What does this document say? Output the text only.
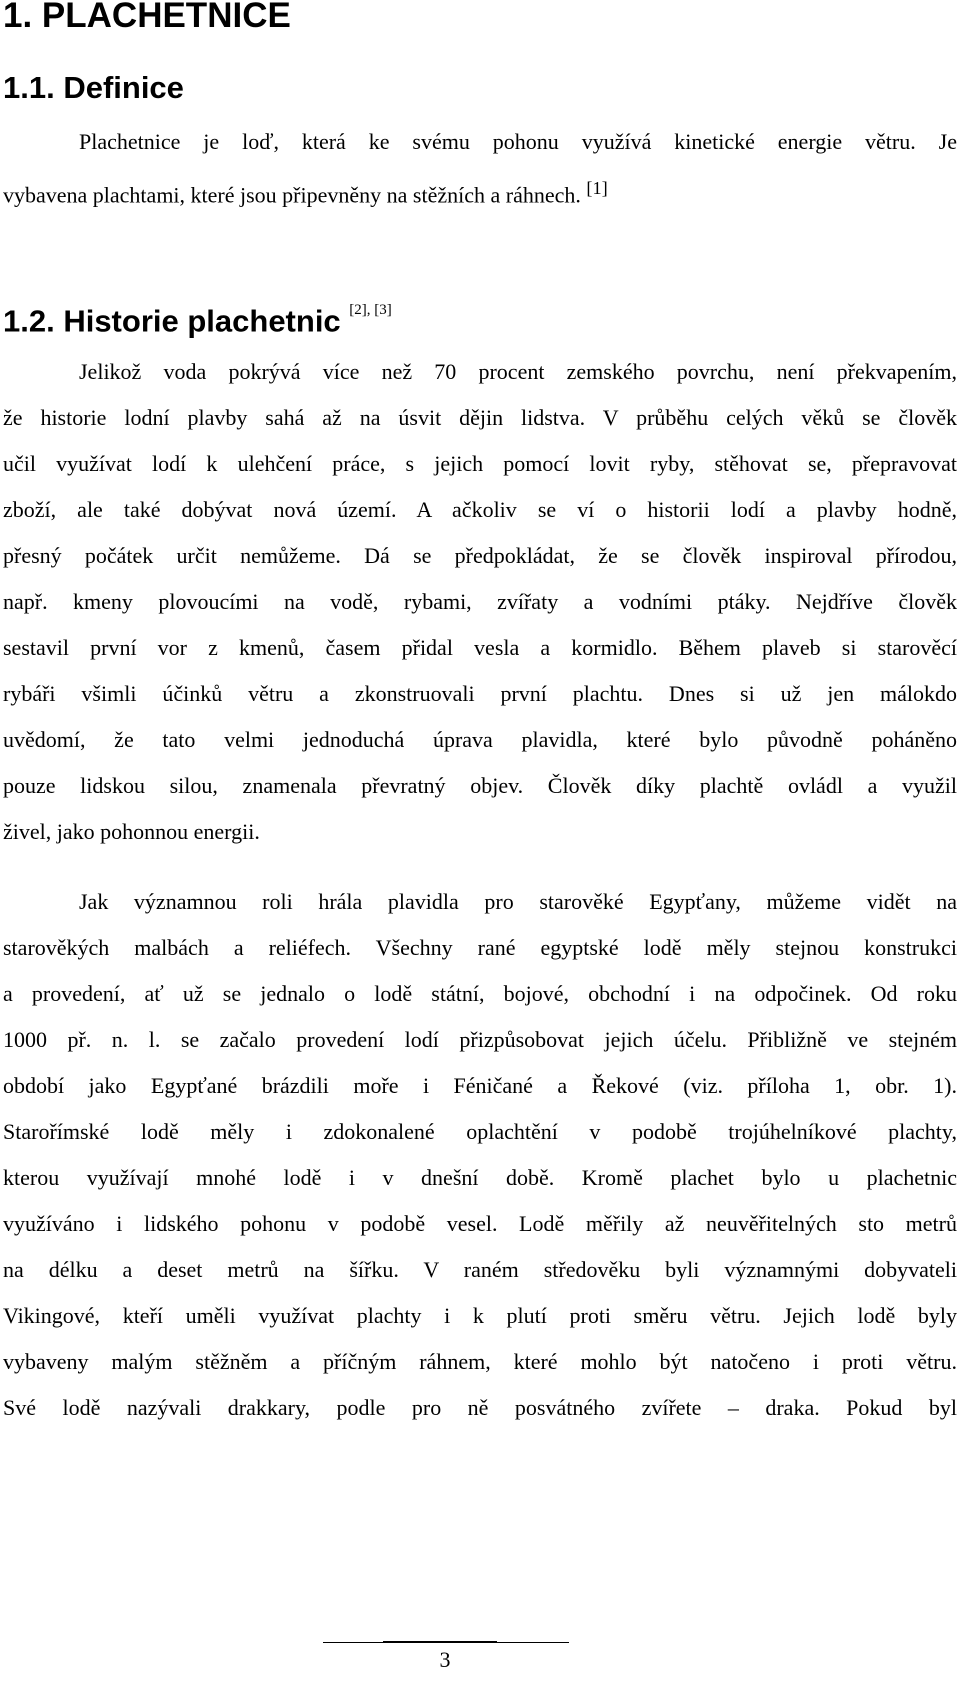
1. PLACHETNICE
1.1. Definice
Plachetnice je loď, která ke svému pohonu využívá kinetické energie větru. Je
vybavena plachtami, které jsou připevněny na stěžních a ráhnech. [1]
1.2. Historie plachetnic [2], [3]
Jelikož voda pokrývá více než 70 procent zemského povrchu, není překvapením,
že historie lodní plavby sahá až na úsvit dějin lidstva. V průběhu celých věků se člověk
učil využívat lodí k ulehčení práce, s jejich pomocí lovit ryby, stěhovat se, přepravovat
zboží, ale také dobývat nová území. A ačkoliv se ví o historii lodí a plavby hodně,
přesný počátek určit nemůžeme. Dá se předpokládat, že se člověk inspiroval přírodou,
např. kmeny plovoucími na vodě, rybami, zvířaty a vodními ptáky. Nejdříve člověk
sestavil první vor z kmenů, časem přidal vesla a kormidlo. Během plaveb si starověcí
rybáři všimli účinků větru a zkonstruovali první plachtu. Dnes si už jen málokdo
uvědomí, že tato velmi jednoduchá úprava plavidla, které bylo původně poháněno
pouze lidskou silou, znamenala převratný objev. Člověk díky plachtě ovládl a využil
živel, jako pohonnou energii.
Jak významnou roli hrála plavidla pro starověké Egypťany, můžeme vidět na
starověkých malbách a reliéfech. Všechny rané egyptské lodě měly stejnou konstrukci
a provedení, ať už se jednalo o lodě státní, bojové, obchodní i na odpočinek. Od roku
1000 př. n. l. se začalo provedení lodí přizpůsobovat jejich účelu. Přibližně ve stejném
období jako Egypťané brázdili moře i Féničané a Řekové (viz. příloha 1, obr. 1).
Starořímské lodě měly i zdokonalené oplachtění v podobě trojúhelníkové plachty,
kterou využívají mnohé lodě i v dnešní době. Kromě plachet bylo u plachetnic
využíváno i lidského pohonu v podobě vesel. Lodě měřily až neuvěřitelných sto metrů
na délku a deset metrů na šířku. V raném středověku byli významnými dobyvateli
Vikingové, kteří uměli využívat plachty i k plutí proti směru větru. Jejich lodě byly
vybaveny malým stěžněm a příčným ráhnem, které mohlo být natočeno i proti větru.
Své lodě nazývali drakkary, podle pro ně posvátného zvířete – draka. Pokud byl
3
